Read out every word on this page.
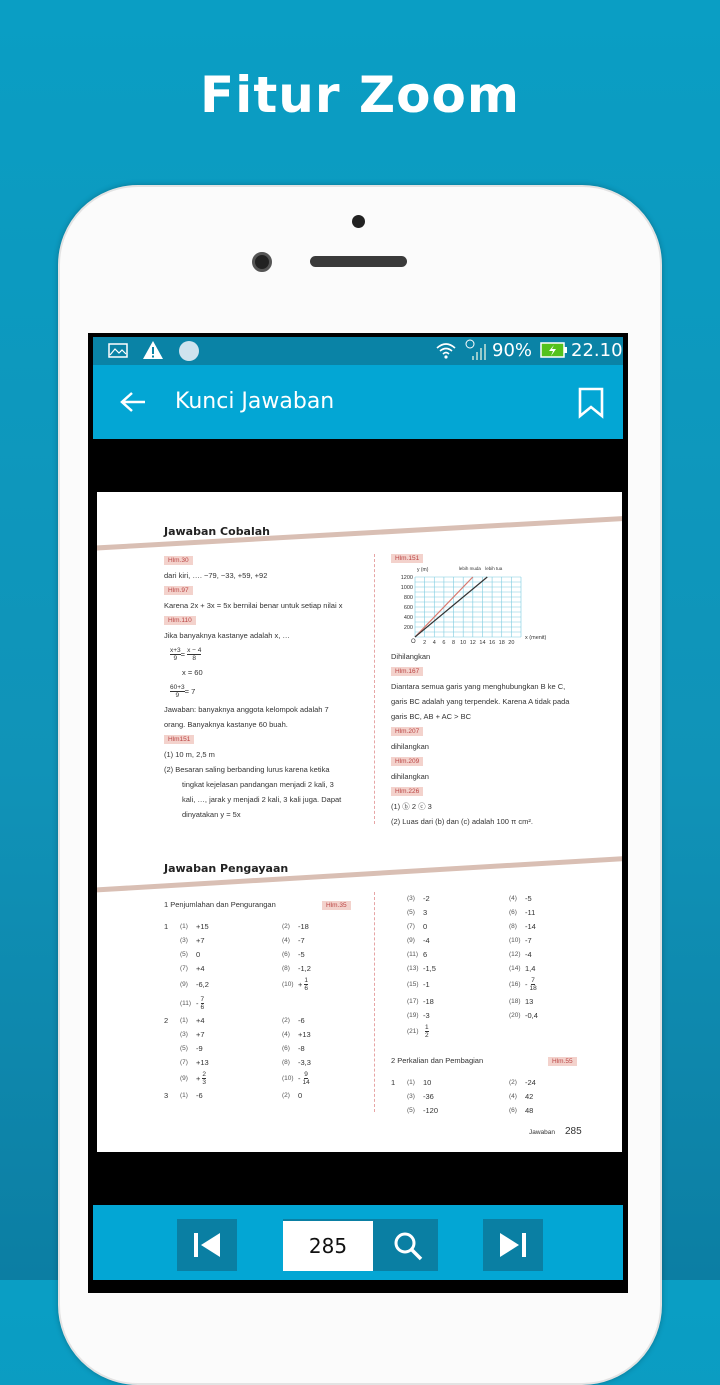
Fitur Zoom
90% 22.10
Kunci Jawaban
Jawaban Cobalah
Hlm.30
dari kiri, …. −79, −33, +59, +92
Hlm.97
Karena 2x + 3x = 5x bernilai benar untuk setiap nilai x
Hlm.110
Jika banyaknya kastanye adalah x, …
$\frac{x+3}{9} = \frac{x - 4}{8}$
x = 60
$\frac{60+3}{9} = 7$
Jawaban: banyaknya anggota kelompok adalah 7
orang. Banyaknya kastanye 60 buah.
Hlm151
(1) 10 m, 2,5 m
(2) Besaran saling berbanding lurus karena ketika
tingkat kejelasan pandangan menjadi 2 kali, 3
kali, …, jarak y menjadi 2 kali, 3 kali juga. Dapat
dinyatakan y = 5x
Hlm.151
200
400
600
800
1000
1200
2 4 6 8 10 12 14 16 18 20
O
y (m)
x (menit)
lebih muda lebih tua
Dihilangkan
Hlm.167
Diantara semua garis yang menghubungkan B ke C,
garis BC adalah yang terpendek. Karena A tidak pada
garis BC, AB + AC > BC
Hlm.207
dihilangkan
Hlm.209
dihilangkan
Hlm.226
(1) ⓑ 2 ⓒ 3
(2) Luas dari (b) dan (c) adalah 100 π cm².
Jawaban Pengayaan
1 Penjumlahan dan Pengurangan	Hlm.35
1	(1)	+15	(2)	-18
(3)	+7	(4)	-7
(5)	0	(6)	-5
(7)	+4	(8)	-1,2
(9)	-6,2	$(10) + \frac{1}{6}$
$(11) - \frac{7}{6}$
2	(1)	+4	(2)	-6
(3)	+7	(4)	+13
(5)	-9	(6)	-8
(7)	+13	(8)	-3,3
(9)	+ $\frac{2}{3}$	$(10) - \frac{9}{14}$
3	(1)	-6	(2)	0
(3)	-2	(4)	-5
(5)	3	(6)	-11
(7)	0	(8)	-14
(9)	-4	(10) -7
(11) 6	(12) -4
(13) -1,5	(14) 1,4
(15) -1	$(16) - \frac{7}{18}$
(17) -18	(18) 13
(19) -3	(20) -0,4
$(21) \frac{1}{2}$
2 Perkalian dan Pembagian	Hlm.55
1	(1)	10	(2)	-24
(3)	-36	(4)	42
(5)	-120	(6)	48
Jawaban 285
285
